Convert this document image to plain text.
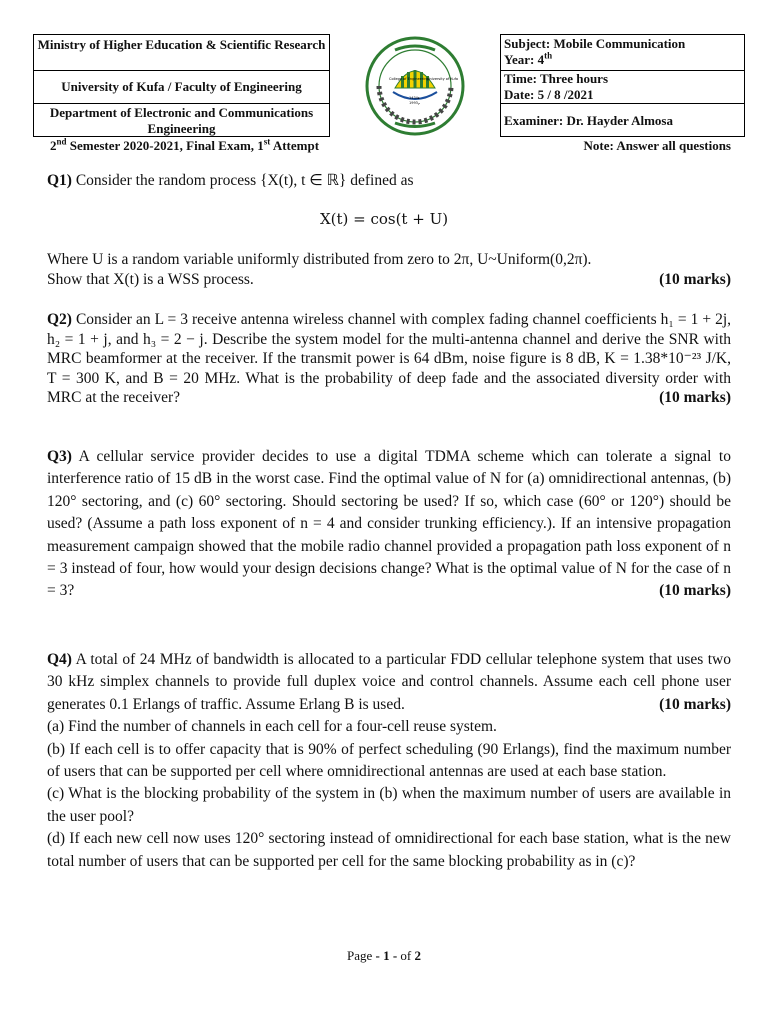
Ministry of Higher Education & Scientific Research
University of Kufa / Faculty of Engineering
Department of Electronic and Communications Engineering
Subject: Mobile Communication
Year: 4th
Time: Three hours
Date: 5 / 8 /2021
Examiner: Dr. Hayder Almosa
College of Engineering
University of Kufa
ﻫ1434
1993م
2nd Semester 2020-2021, Final Exam, 1st Attempt	Note: Answer all questions
Q1) Consider the random process {X(t), t ∈ ℝ} defined as
X(t) = cos(t + U)
Where U is a random variable uniformly distributed from zero to 2π, U~Uniform(0,2π).
Show that X(t) is a WSS process.	(10 marks)
Q2) Consider an L = 3 receive antenna wireless channel with complex fading channel coefficients h₁ = 1 + 2j, h₂ = 1 + j, and h₃ = 2 − j. Describe the system model for the multi-antenna channel and derive the SNR with MRC beamformer at the receiver. If the transmit power is 64 dBm, noise figure is 8 dB, K = 1.38*10⁻²³ J/K, T = 300 K, and B = 20 MHz. What is the probability of deep fade and the associated diversity order with MRC at the receiver?	(10 marks)
Q3) A cellular service provider decides to use a digital TDMA scheme which can tolerate a signal to interference ratio of 15 dB in the worst case. Find the optimal value of N for (a) omnidirectional antennas, (b) 120° sectoring, and (c) 60° sectoring. Should sectoring be used? If so, which case (60° or 120°) should be used? (Assume a path loss exponent of n = 4 and consider trunking efficiency.). If an intensive propagation measurement campaign showed that the mobile radio channel provided a propagation path loss exponent of n = 3 instead of four, how would your design decisions change? What is the optimal value of N for the case of n = 3?	(10 marks)
Q4) A total of 24 MHz of bandwidth is allocated to a particular FDD cellular telephone system that uses two 30 kHz simplex channels to provide full duplex voice and control channels. Assume each cell phone user generates 0.1 Erlangs of traffic. Assume Erlang B is used.	(10 marks)
(a) Find the number of channels in each cell for a four-cell reuse system.
(b) If each cell is to offer capacity that is 90% of perfect scheduling (90 Erlangs), find the maximum number of users that can be supported per cell where omnidirectional antennas are used at each base station.
(c) What is the blocking probability of the system in (b) when the maximum number of users are available in the user pool?
(d) If each new cell now uses 120° sectoring instead of omnidirectional for each base station, what is the new total number of users that can be supported per cell for the same blocking probability as in (c)?
Page - 1 - of 2
